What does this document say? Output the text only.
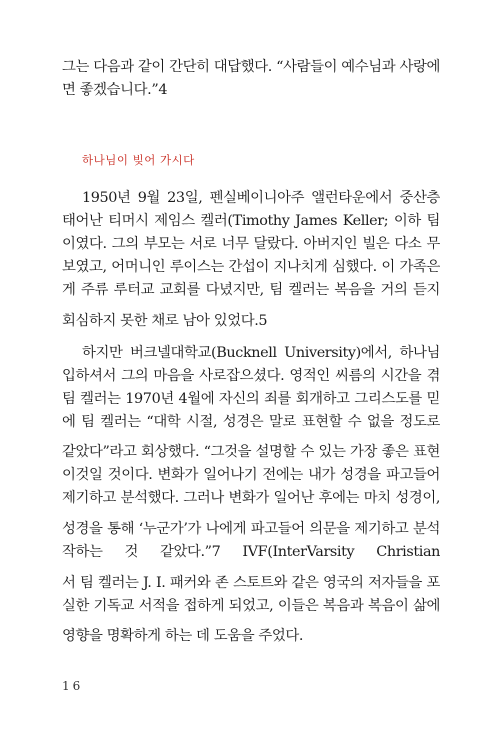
그는 다음과 같이 간단히 대답했다. “사람들이 예수님과 사랑에
면 좋겠습니다.”4
하나님이 빚어 가시다
1950년 9월 23일, 펜실베이니아주 앨런타운에서 중산층
태어난 티머시 제임스 켈러(Timothy James Keller; 이하 팀
이였다. 그의 부모는 서로 너무 달랐다. 아버지인 빌은 다소 무
보였고, 어머니인 루이스는 간섭이 지나치게 심했다. 이 가족은
게 주류 루터교 교회를 다녔지만, 팀 켈러는 복음을 거의 듣지
회심하지 못한 채로 남아 있었다.5
하지만 버크넬대학교(Bucknell University)에서, 하나님
입하셔서 그의 마음을 사로잡으셨다. 영적인 씨름의 시간을 겪
팀 켈러는 1970년 4월에 자신의 죄를 회개하고 그리스도를 믿
에 팀 켈러는 “대학 시절, 성경은 말로 표현할 수 없을 정도로
같았다”라고 회상했다. “그것을 설명할 수 있는 가장 좋은 표현
이것일 것이다. 변화가 일어나기 전에는 내가 성경을 파고들어
제기하고 분석했다. 그러나 변화가 일어난 후에는 마치 성경이,
성경을 통해 ‘누군가’가 나에게 파고들어 의문을 제기하고 분석
작하는 것 같았다.”7 IVF(InterVarsity Christian
서 팀 켈러는 J. I. 패커와 존 스토트와 같은 영국의 저자들을 포
실한 기독교 서적을 접하게 되었고, 이들은 복음과 복음이 삶에
영향을 명확하게 하는 데 도움을 주었다.
16
